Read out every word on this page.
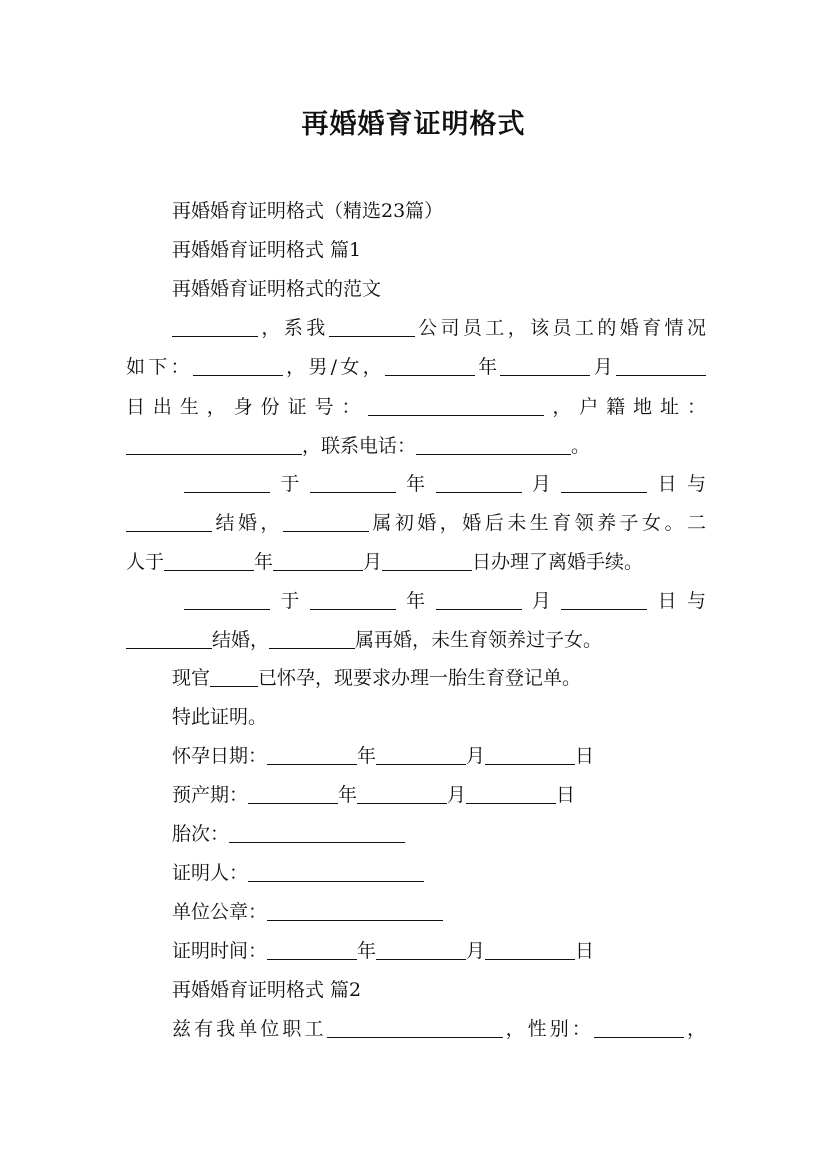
再婚婚育证明格式
再婚婚育证明格式（精选23篇）
再婚婚育证明格式 篇1
再婚婚育证明格式的范文
，系我	公司员工，该员工的婚育情况
如下：	，男/女，	年	月
日出生，身份证号：	，户籍地址：
，联系电话：	。
于	年	月	日与
结婚，	属初婚，婚后未生育领养子女。二
人于	年	月	日办理了离婚手续。
于	年	月	日与
结婚，	属再婚，未生育领养过子女。
现官	已怀孕，现要求办理一胎生育登记单。
特此证明。
怀孕日期：	年	月	日
预产期：	年	月	日
胎次：
证明人：
单位公章：
证明时间：	年	月	日
再婚婚育证明格式 篇2
兹有我单位职工	，性别：	，
